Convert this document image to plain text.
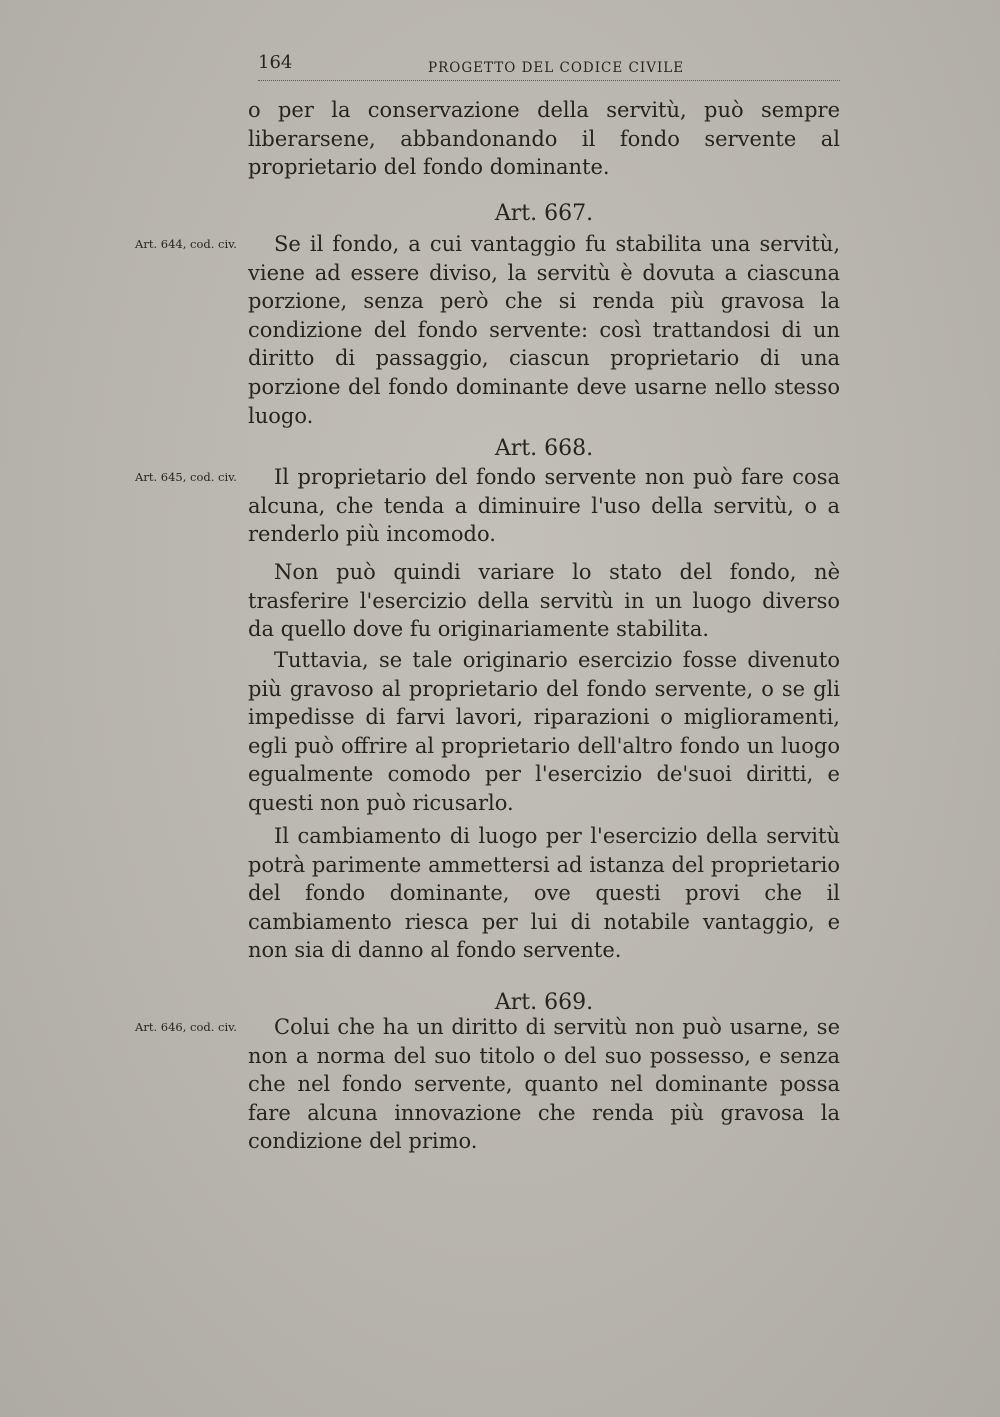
164	PROGETTO DEL CODICE CIVILE

o per la conservazione della servitù, può sempre liberarsene, abbandonando il fondo servente al proprietario del fondo dominante.

Art. 667.

Art. 644, cod. civ.	Se il fondo, a cui vantaggio fu stabilita una servitù, viene ad essere diviso, la servitù è dovuta a ciascuna porzione, senza però che si renda più gravosa la condizione del fondo servente: così trattandosi di un diritto di passaggio, ciascun proprietario di una porzione del fondo dominante deve usarne nello stesso luogo.

Art. 668.

Art. 645, cod. civ.	Il proprietario del fondo servente non può fare cosa alcuna, che tenda a diminuire l'uso della servitù, o a renderlo più incomodo.

Non può quindi variare lo stato del fondo, nè trasferire l'esercizio della servitù in un luogo diverso da quello dove fu originariamente stabilita.

Tuttavia, se tale originario esercizio fosse divenuto più gravoso al proprietario del fondo servente, o se gli impedisse di farvi lavori, riparazioni o miglioramenti, egli può offrire al proprietario dell'altro fondo un luogo egualmente comodo per l'esercizio de'suoi diritti, e questi non può ricusarlo.

Il cambiamento di luogo per l'esercizio della servitù potrà parimente ammettersi ad istanza del proprietario del fondo dominante, ove questi provi che il cambiamento riesca per lui di notabile vantaggio, e non sia di danno al fondo servente.

Art. 669.

Art. 646, cod. civ.	Colui che ha un diritto di servitù non può usarne, se non a norma del suo titolo o del suo possesso, e senza che nel fondo servente, quanto nel dominante possa fare alcuna innovazione che renda più gravosa la condizione del primo.
